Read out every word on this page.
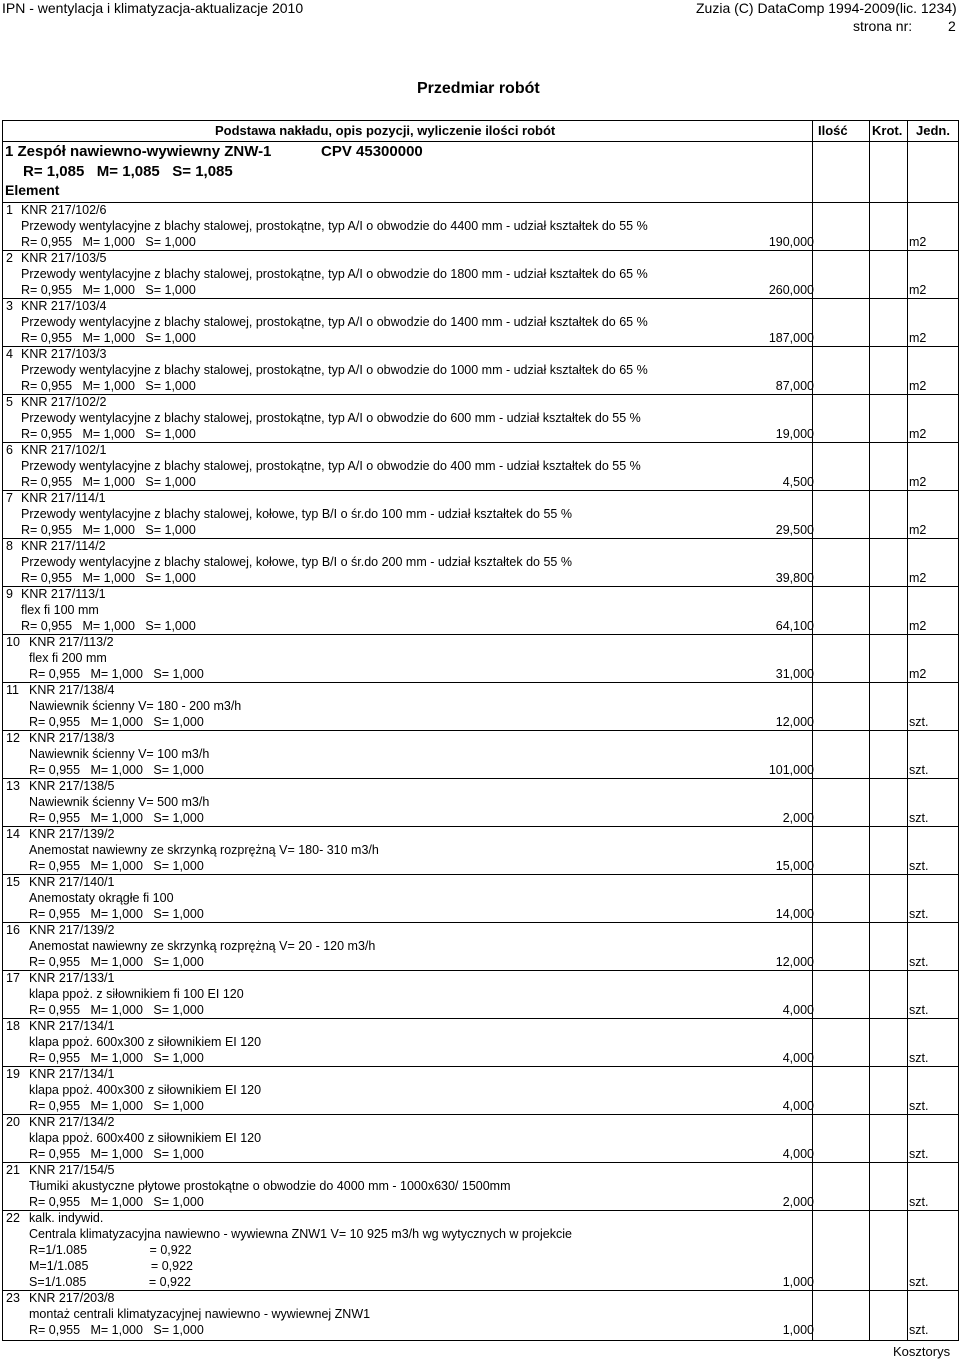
IPN - wentylacja i klimatyzacja-aktualizacje 2010	Zuzia (C) DataComp 1994-2009(lic. 1234)
strona nr:	2
Przedmiar robót
Podstawa nakładu, opis pozycji, wyliczenie ilości robót	Ilość Krot. Jedn.
1 Zespół nawiewno-wywiewny ZNW-1	CPV 45300000
R= 1,085   M= 1,085   S= 1,085
Element
1 KNR 217/102/6
Przewody wentylacyjne z blachy stalowej, prostokątne, typ A/I o obwodzie do 4400 mm - udział kształtek do 55 %
R= 0,955   M= 1,000   S= 1,000	190,000	m2
2 KNR 217/103/5
Przewody wentylacyjne z blachy stalowej, prostokątne, typ A/I o obwodzie do 1800 mm - udział kształtek do 65 %
R= 0,955   M= 1,000   S= 1,000	260,000	m2
3 KNR 217/103/4
Przewody wentylacyjne z blachy stalowej, prostokątne, typ A/I o obwodzie do 1400 mm - udział kształtek do 65 %
R= 0,955   M= 1,000   S= 1,000	187,000	m2
4 KNR 217/103/3
Przewody wentylacyjne z blachy stalowej, prostokątne, typ A/I o obwodzie do 1000 mm - udział kształtek do 65 %
R= 0,955   M= 1,000   S= 1,000	87,000	m2
5 KNR 217/102/2
Przewody wentylacyjne z blachy stalowej, prostokątne, typ A/I o obwodzie do 600 mm - udział kształtek do 55 %
R= 0,955   M= 1,000   S= 1,000	19,000	m2
6 KNR 217/102/1
Przewody wentylacyjne z blachy stalowej, prostokątne, typ A/I o obwodzie do 400 mm - udział kształtek do 55 %
R= 0,955   M= 1,000   S= 1,000	4,500	m2
7 KNR 217/114/1
Przewody wentylacyjne z blachy stalowej, kołowe, typ B/I o śr.do 100 mm - udział kształtek do 55 %
R= 0,955   M= 1,000   S= 1,000	29,500	m2
8 KNR 217/114/2
Przewody wentylacyjne z blachy stalowej, kołowe, typ B/I o śr.do 200 mm - udział kształtek do 55 %
R= 0,955   M= 1,000   S= 1,000	39,800	m2
9 KNR 217/113/1
flex fi 100 mm
R= 0,955   M= 1,000   S= 1,000	64,100	m2
10 KNR 217/113/2
flex fi 200 mm
R= 0,955   M= 1,000   S= 1,000	31,000	m2
11 KNR 217/138/4
Nawiewnik ścienny V= 180 - 200 m3/h
R= 0,955   M= 1,000   S= 1,000	12,000	szt.
12 KNR 217/138/3
Nawiewnik ścienny V= 100 m3/h
R= 0,955   M= 1,000   S= 1,000	101,000	szt.
13 KNR 217/138/5
Nawiewnik ścienny V= 500 m3/h
R= 0,955   M= 1,000   S= 1,000	2,000	szt.
14 KNR 217/139/2
Anemostat nawiewny ze skrzynką rozprężną V= 180- 310 m3/h
R= 0,955   M= 1,000   S= 1,000	15,000	szt.
15 KNR 217/140/1
Anemostaty okrągłe fi 100
R= 0,955   M= 1,000   S= 1,000	14,000	szt.
16 KNR 217/139/2
Anemostat nawiewny ze skrzynką rozprężną V= 20 - 120 m3/h
R= 0,955   M= 1,000   S= 1,000	12,000	szt.
17 KNR 217/133/1
klapa ppoż. z siłownikiem fi 100 EI 120
R= 0,955   M= 1,000   S= 1,000	4,000	szt.
18 KNR 217/134/1
klapa ppoż. 600x300 z siłownikiem EI 120
R= 0,955   M= 1,000   S= 1,000	4,000	szt.
19 KNR 217/134/1
klapa ppoż. 400x300 z siłownikiem EI 120
R= 0,955   M= 1,000   S= 1,000	4,000	szt.
20 KNR 217/134/2
klapa ppoż. 600x400 z siłownikiem EI 120
R= 0,955   M= 1,000   S= 1,000	4,000	szt.
21 KNR 217/154/5
Tłumiki akustyczne płytowe prostokątne o obwodzie do 4000 mm - 1000x630/ 1500mm
R= 0,955   M= 1,000   S= 1,000	2,000	szt.
22 kalk. indywid.
Centrala klimatyzacyjna nawiewno - wywiewna ZNW1 V= 10 925 m3/h wg wytycznych w projekcie
R=1/1.085                  = 0,922
M=1/1.085                  = 0,922
S=1/1.085                  = 0,922	1,000	szt.
23 KNR 217/203/8
montaż centrali klimatyzacyjnej nawiewno - wywiewnej ZNW1
R= 0,955   M= 1,000   S= 1,000	1,000	szt.
Kosztorys
